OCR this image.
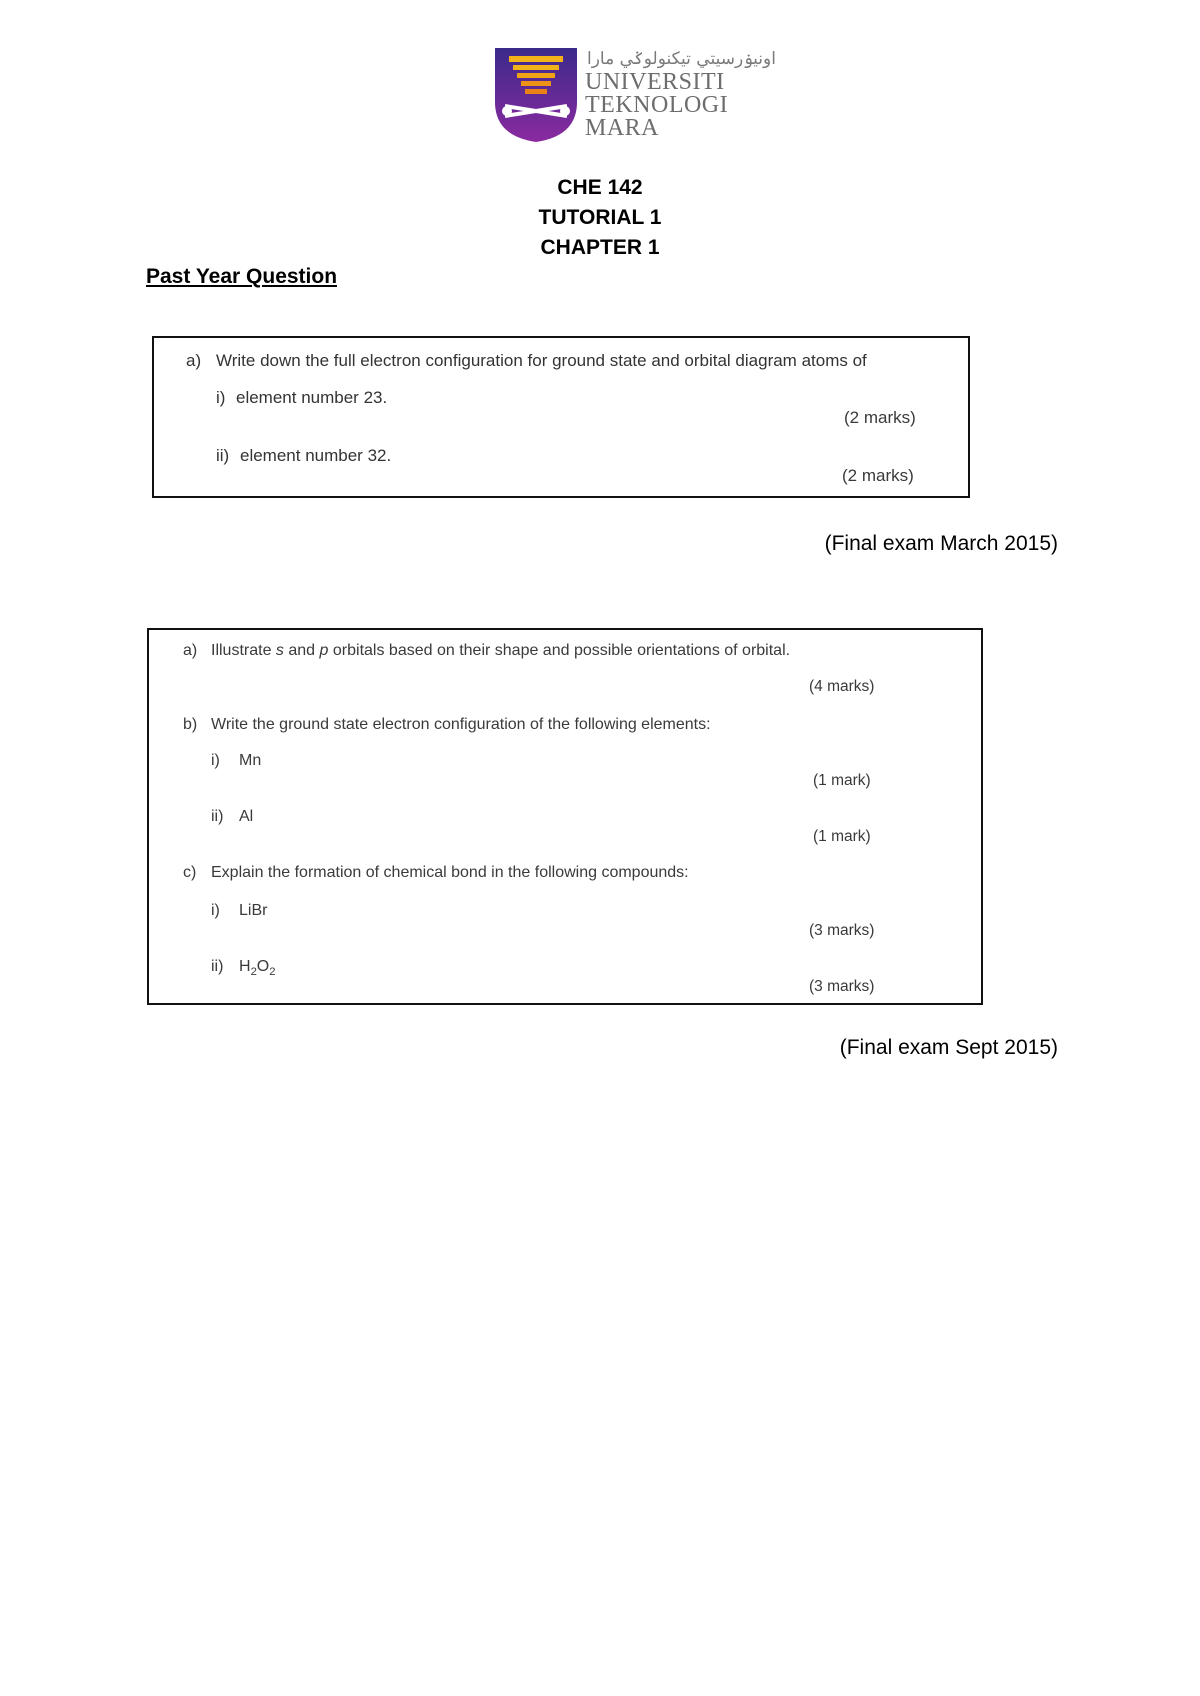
اونيۏرسيتي تيكنولوݢي مارا
UNIVERSITI
TEKNOLOGI
MARA
CHE 142
TUTORIAL 1
CHAPTER 1
Past Year Question
a) Write down the full electron configuration for ground state and orbital diagram atoms of
i) element number 23.
(2 marks)
ii) element number 32.
(2 marks)
(Final exam March 2015)
a) Illustrate s and p orbitals based on their shape and possible orientations of orbital.
(4 marks)
b) Write the ground state electron configuration of the following elements:
i) Mn
(1 mark)
ii) Al
(1 mark)
c) Explain the formation of chemical bond in the following compounds:
i) LiBr
(3 marks)
ii) $H_2O_2$
(3 marks)
(Final exam Sept 2015)
